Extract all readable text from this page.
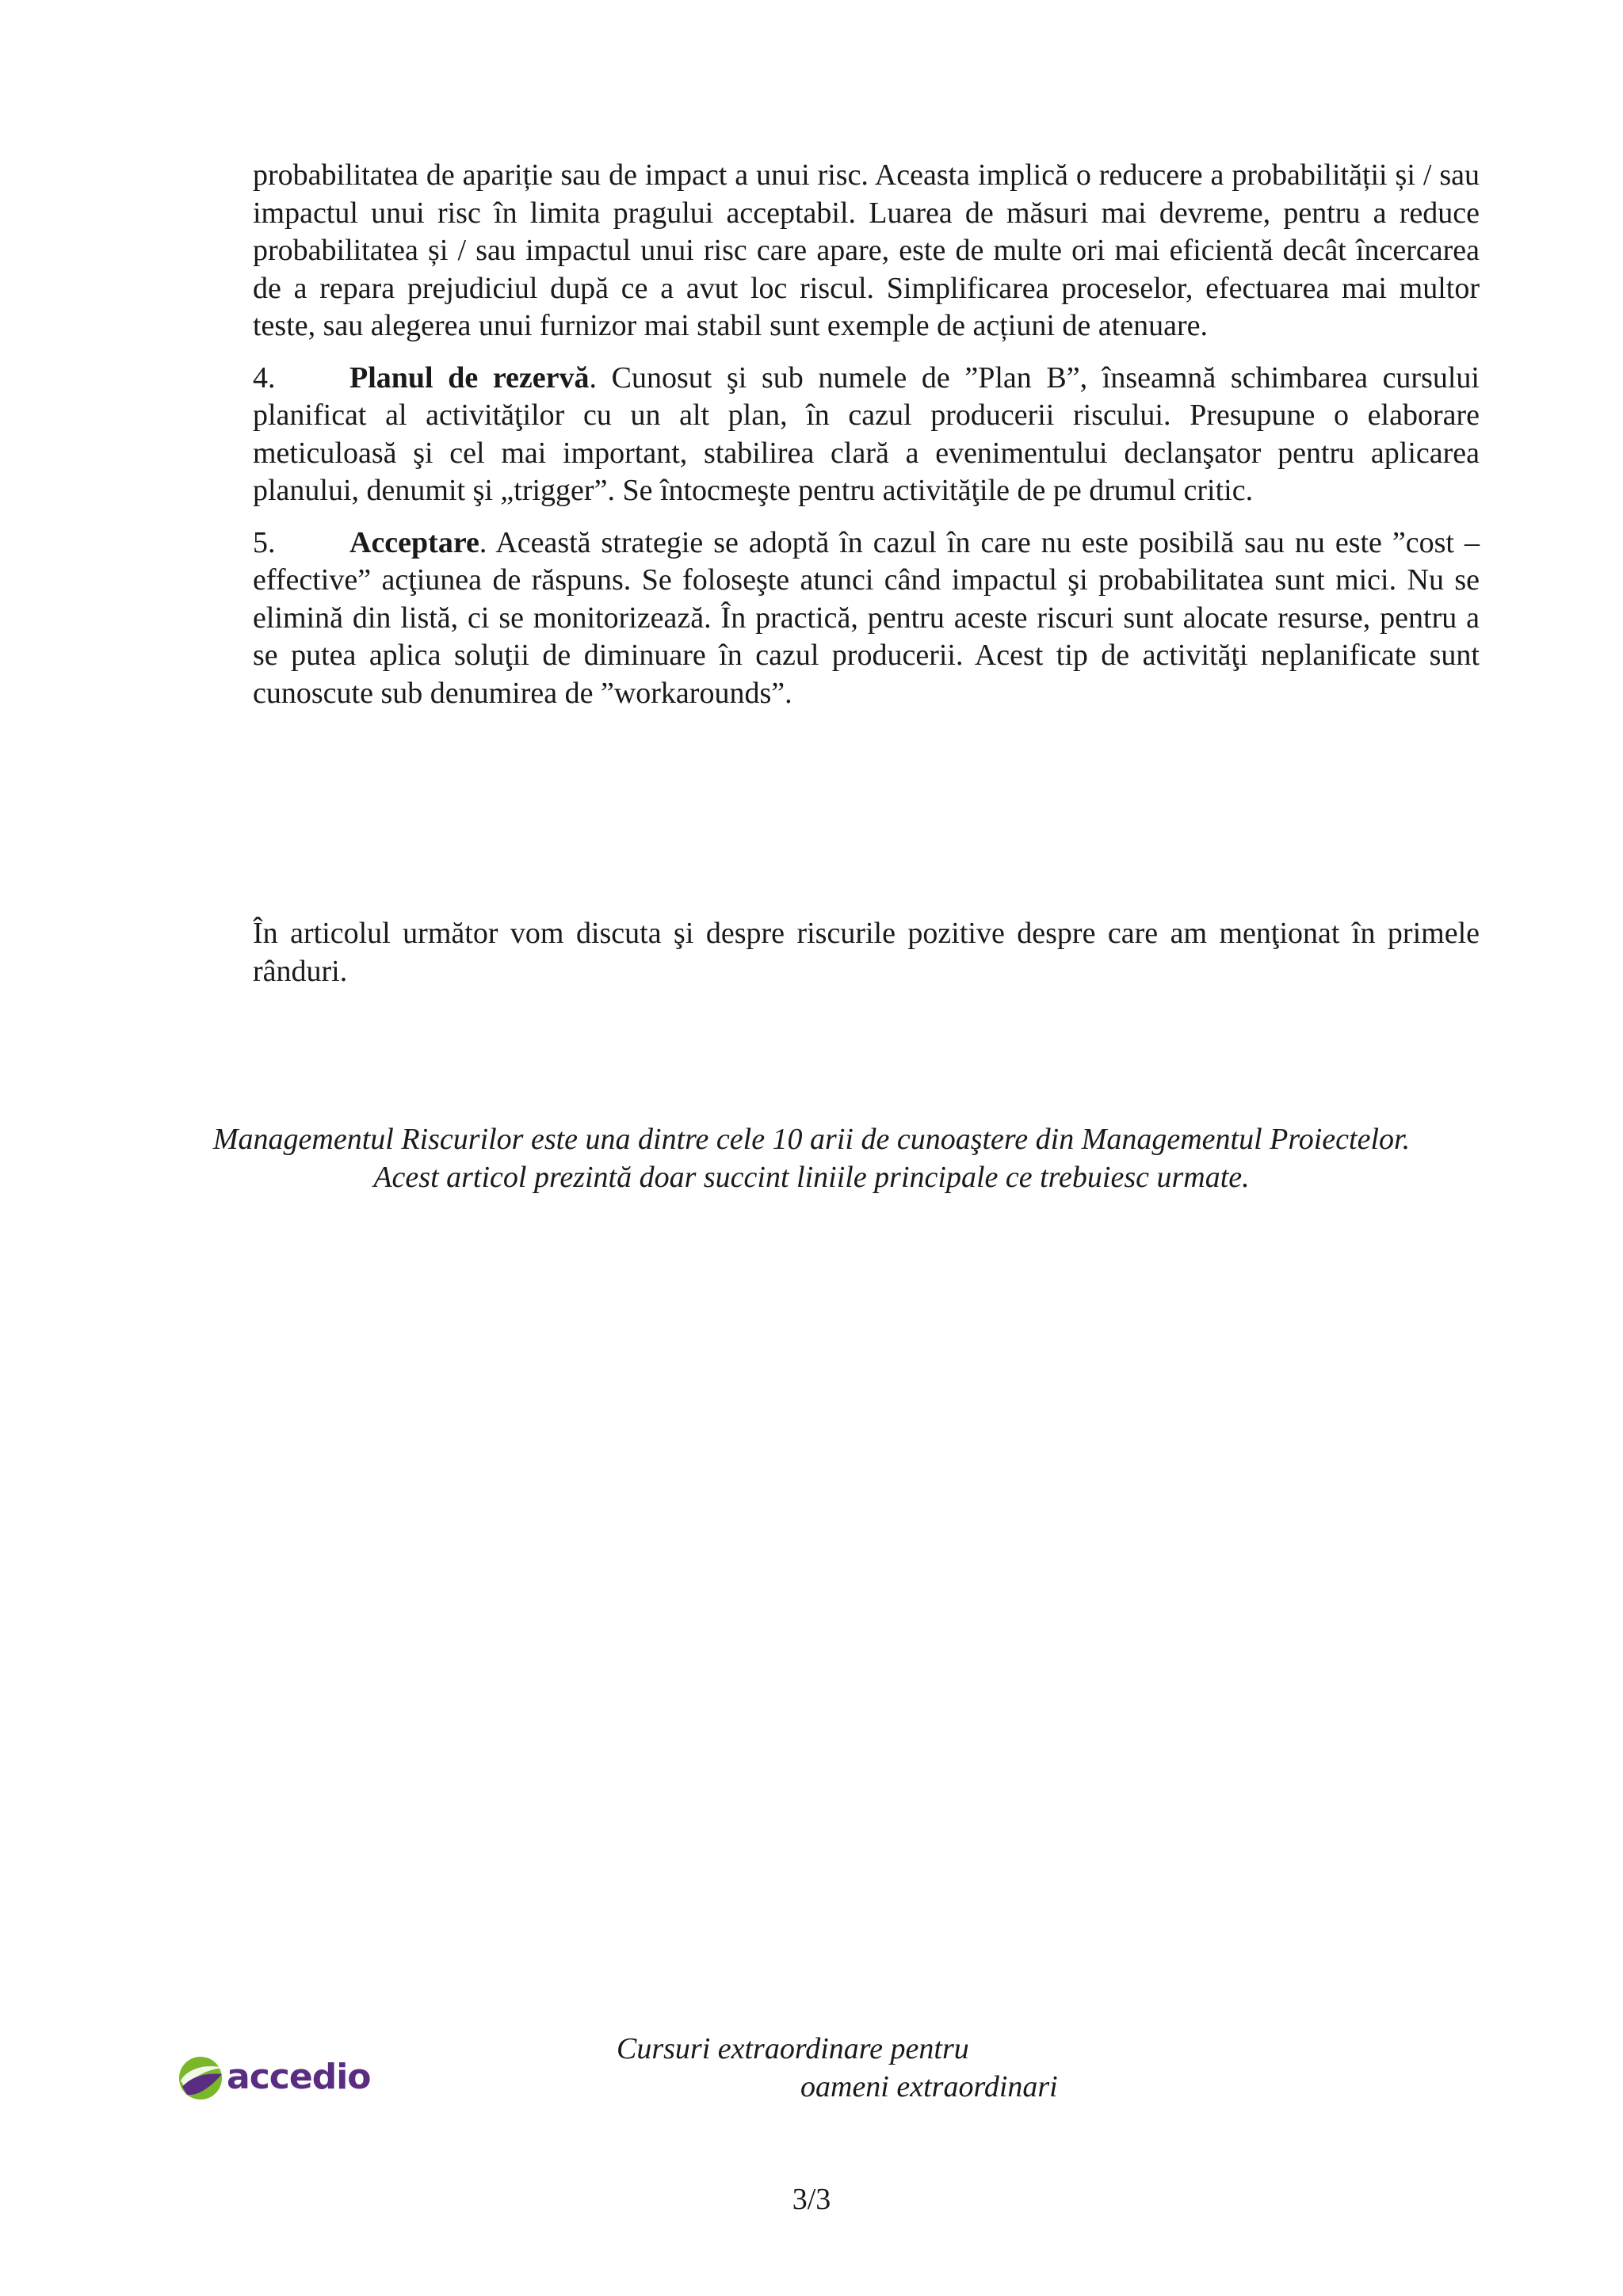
probabilitatea de apariție sau de impact a unui risc. Aceasta implică o reducere a probabilității și / sau impactul unui risc în limita pragului acceptabil. Luarea de măsuri mai devreme, pentru a reduce probabilitatea și / sau impactul unui risc care apare, este de multe ori mai eficientă decât încercarea de a repara prejudiciul după ce a avut loc riscul. Simplificarea proceselor, efectuarea mai multor teste, sau alegerea unui furnizor mai stabil sunt exemple de acțiuni de atenuare.

4. Planul de rezervă. Cunosut şi sub numele de ”Plan B”, înseamnă schimbarea cursului planificat al activităţilor cu un alt plan, în cazul producerii riscului. Presupune o elaborare meticuloasă şi cel mai important, stabilirea clară a evenimentului declanşator pentru aplicarea planului, denumit şi „trigger”. Se întocmeşte pentru activităţile de pe drumul critic.

5. Acceptare. Această strategie se adoptă în cazul în care nu este posibilă sau nu este ”cost – effective” acţiunea de răspuns. Se foloseşte atunci când impactul şi probabilitatea sunt mici. Nu se elimină din listă, ci se monitorizează. În practică, pentru aceste riscuri sunt alocate resurse, pentru a se putea aplica soluţii de diminuare în cazul producerii. Acest tip de activităţi neplanificate sunt cunoscute sub denumirea de ”workarounds”.

În articolul următor vom discuta şi despre riscurile pozitive despre care am menţionat în primele rânduri.

Managementul Riscurilor este una dintre cele 10 arii de cunoaştere din Managementul Proiectelor.
Acest articol prezintă doar succint liniile principale ce trebuiesc urmate.
accedio
Cursuri extraordinare pentru
oameni extraordinari
3/3
